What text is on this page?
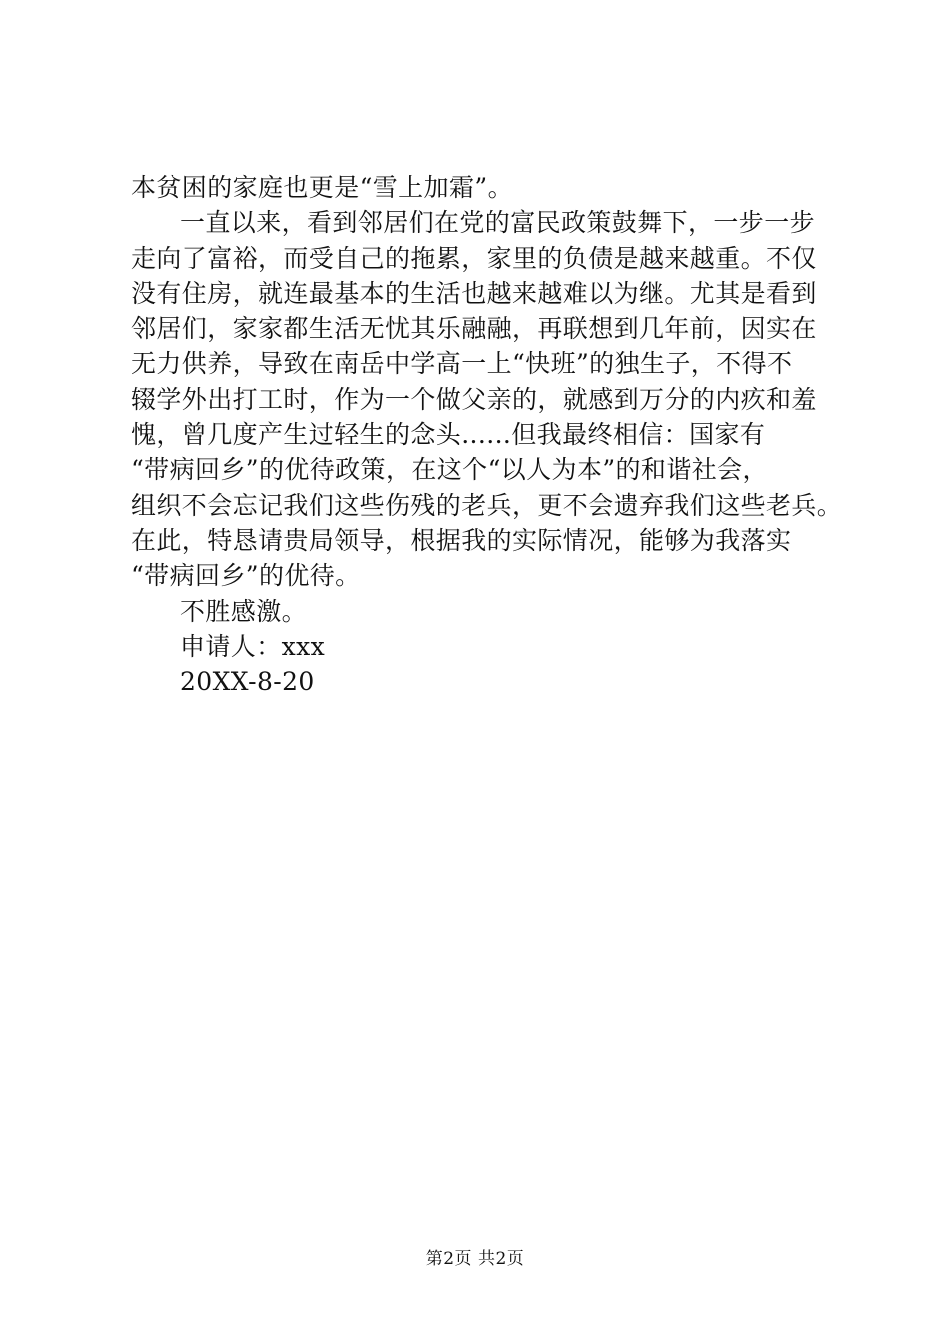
本贫困的家庭也更是“雪上加霜”。
一直以来，看到邻居们在党的富民政策鼓舞下，一步一步
走向了富裕，而受自己的拖累，家里的负债是越来越重。不仅
没有住房，就连最基本的生活也越来越难以为继。尤其是看到
邻居们，家家都生活无忧其乐融融，再联想到几年前，因实在
无力供养，导致在南岳中学高一上“快班”的独生子，不得不
辍学外出打工时，作为一个做父亲的，就感到万分的内疚和羞
愧，曾几度产生过轻生的念头......但我最终相信：国家有
“带病回乡”的优待政策，在这个“以人为本”的和谐社会，
组织不会忘记我们这些伤残的老兵，更不会遗弃我们这些老兵。
在此，特恳请贵局领导，根据我的实际情况，能够为我落实
“带病回乡”的优待。
不胜感激。
申请人：xxx
20XX-8-20
第2页 共2页
